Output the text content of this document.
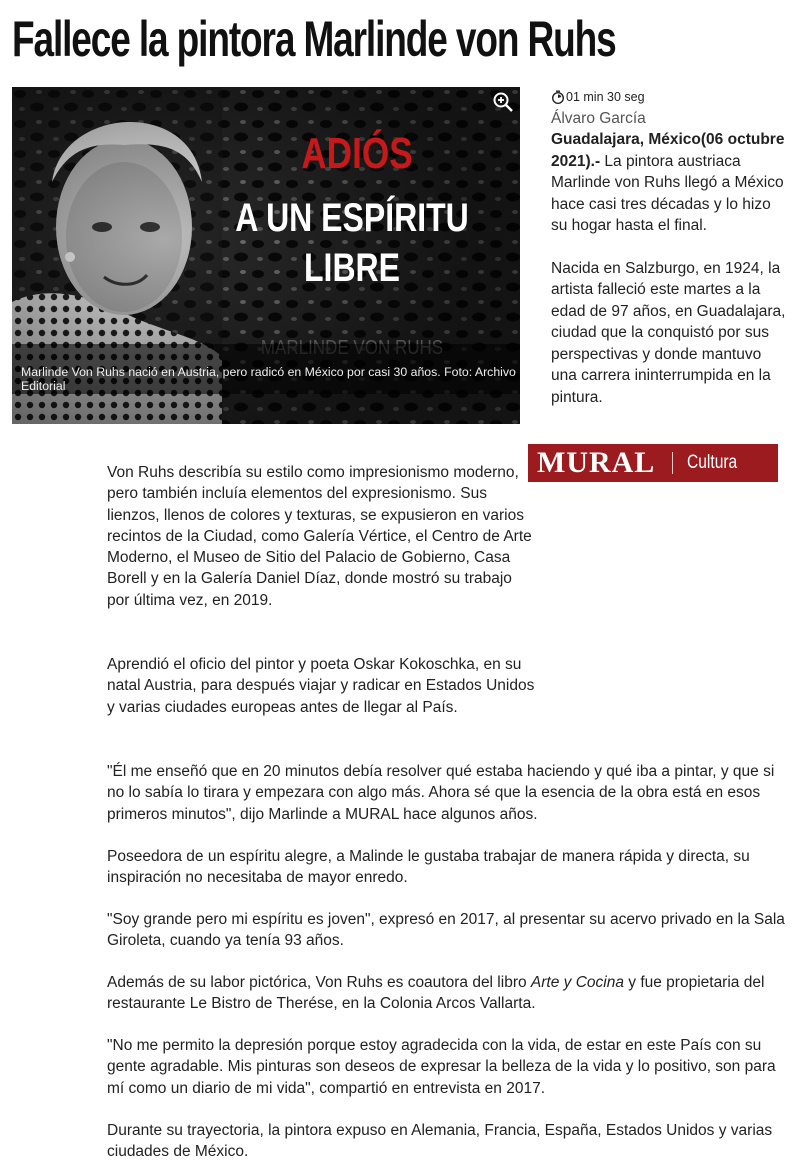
Fallece la pintora Marlinde von Ruhs
ADIÓS
A UN ESPÍRITU
LIBRE
Marlinde Von Ruhs nació en Austria, pero radicó en México por casi 30 años. Foto: Archivo Editorial
01 min 30 seg
Álvaro García

Guadalajara, México(06 octubre 2021).- La pintora austriaca Marlinde von Ruhs llegó a México hace casi tres décadas y lo hizo su hogar hasta el final.

Nacida en Salzburgo, en 1924, la artista falleció este martes a la edad de 97 años, en Guadalajara, ciudad que la conquistó por sus perspectivas y donde mantuvo una carrera ininterrumpida en la pintura.

MURAL Cultura

Von Ruhs describía su estilo como impresionismo moderno, pero también incluía elementos del expresionismo. Sus lienzos, llenos de colores y texturas, se expusieron en varios recintos de la Ciudad, como Galería Vértice, el Centro de Arte Moderno, el Museo de Sitio del Palacio de Gobierno, Casa Borell y en la Galería Daniel Díaz, donde mostró su trabajo por última vez, en 2019.

Aprendió el oficio del pintor y poeta Oskar Kokoschka, en su natal Austria, para después viajar y radicar en Estados Unidos y varias ciudades europeas antes de llegar al País.

"Él me enseñó que en 20 minutos debía resolver qué estaba haciendo y qué iba a pintar, y que si no lo sabía lo tirara y empezara con algo más. Ahora sé que la esencia de la obra está en esos primeros minutos", dijo Marlinde a MURAL hace algunos años.

Poseedora de un espíritu alegre, a Malinde le gustaba trabajar de manera rápida y directa, su inspiración no necesitaba de mayor enredo.

"Soy grande pero mi espíritu es joven", expresó en 2017, al presentar su acervo privado en la Sala Giroleta, cuando ya tenía 93 años.

Además de su labor pictórica, Von Ruhs es coautora del libro Arte y Cocina y fue propietaria del restaurante Le Bistro de Therése, en la Colonia Arcos Vallarta.

"No me permito la depresión porque estoy agradecida con la vida, de estar en este País con su gente agradable. Mis pinturas son deseos de expresar la belleza de la vida y lo positivo, son para mí como un diario de mi vida", compartió en entrevista en 2017.

Durante su trayectoria, la pintora expuso en Alemania, Francia, España, Estados Unidos y varias ciudades de México.
